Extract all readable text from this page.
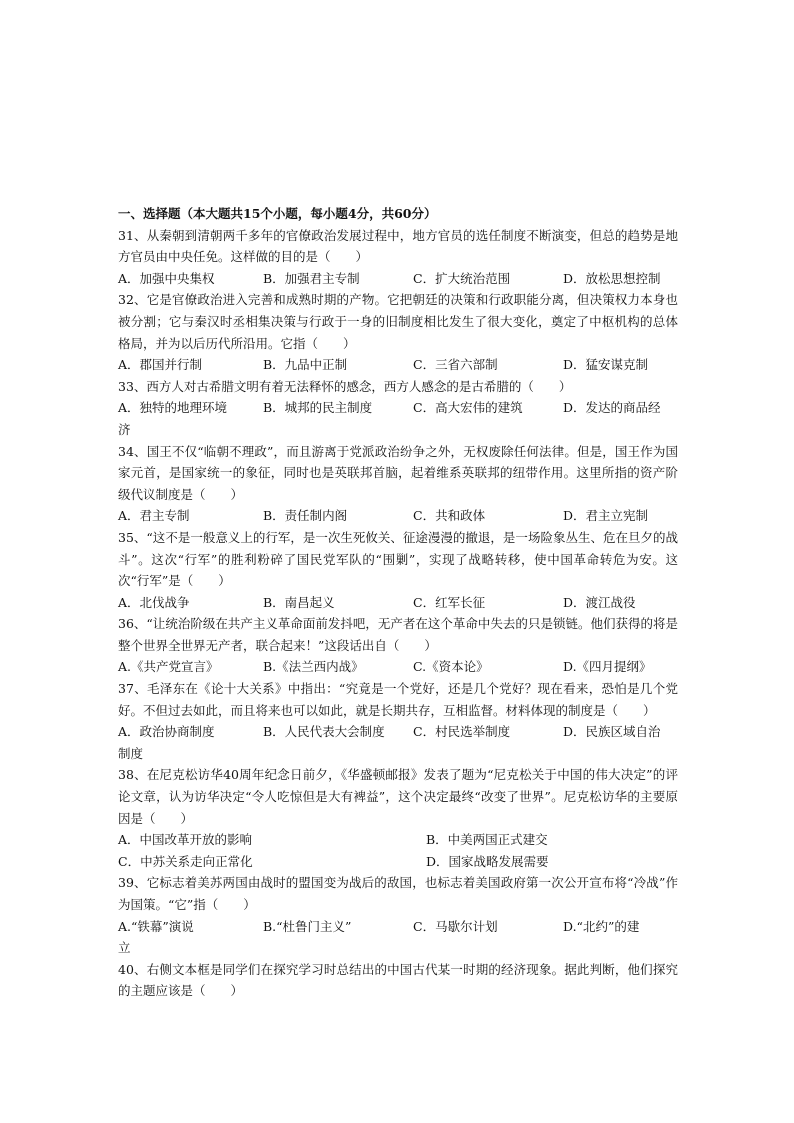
一、选择题（本大题共15个小题，每小题4分，共60分）
31、从秦朝到清朝两千多年的官僚政治发展过程中，地方官员的选任制度不断演变，但总的趋势是地方官员由中央任免。这样做的目的是（　　）
A．加强中央集权	B．加强君主专制	C．扩大统治范围	D．放松思想控制
32、它是官僚政治进入完善和成熟时期的产物。它把朝廷的决策和行政职能分离，但决策权力本身也被分割；它与秦汉时丞相集决策与行政于一身的旧制度相比发生了很大变化，奠定了中枢机构的总体格局，并为以后历代所沿用。它指（　　）
A．郡国并行制	B．九品中正制	C．三省六部制	D．猛安谋克制
33、西方人对古希腊文明有着无法释怀的感念，西方人感念的是古希腊的（　　）
A．独特的地理环境	B．城邦的民主制度	C．高大宏伟的建筑	D．发达的商品经
济
34、国王不仅“临朝不理政”，而且游离于党派政治纷争之外，无权废除任何法律。但是，国王作为国家元首，是国家统一的象征，同时也是英联邦首脑，起着维系英联邦的纽带作用。这里所指的资产阶级代议制度是（　　）
A．君主专制	B．责任制内阁	C．共和政体	D．君主立宪制
35、“这不是一般意义上的行军，是一次生死攸关、征途漫漫的撤退，是一场险象丛生、危在旦夕的战斗”。这次“行军”的胜利粉碎了国民党军队的“围剿”，实现了战略转移，使中国革命转危为安。这次“行军”是（　　）
A．北伐战争	B．南昌起义	C．红军长征	D．渡江战役
36、“让统治阶级在共产主义革命面前发抖吧，无产者在这个革命中失去的只是锁链。他们获得的将是整个世界全世界无产者，联合起来！”这段话出自（　　）
A.《共产党宣言》	B.《法兰西内战》	C.《资本论》	D.《四月提纲》
37、毛泽东在《论十大关系》中指出：“究竟是一个党好，还是几个党好？现在看来，恐怕是几个党好。不但过去如此，而且将来也可以如此，就是长期共存，互相监督。材料体现的制度是（　　）
A．政治协商制度	B．人民代表大会制度	C．村民选举制度	D．民族区域自治
制度
38、在尼克松访华40周年纪念日前夕，《华盛顿邮报》发表了题为“尼克松关于中国的伟大决定”的评论文章，认为访华决定“令人吃惊但是大有裨益”，这个决定最终“改变了世界”。尼克松访华的主要原因是（　　）
A．中国改革开放的影响	B．中美两国正式建交
C．中苏关系走向正常化	D．国家战略发展需要
39、它标志着美苏两国由战时的盟国变为战后的敌国，也标志着美国政府第一次公开宣布将“冷战”作为国策。“它”指（　　）
A.“铁幕”演说	B.“杜鲁门主义”	C．马歇尔计划	D.“北约”的建
立
40、右侧文本框是同学们在探究学习时总结出的中国古代某一时期的经济现象。据此判断，他们探究的主题应该是（　　）
